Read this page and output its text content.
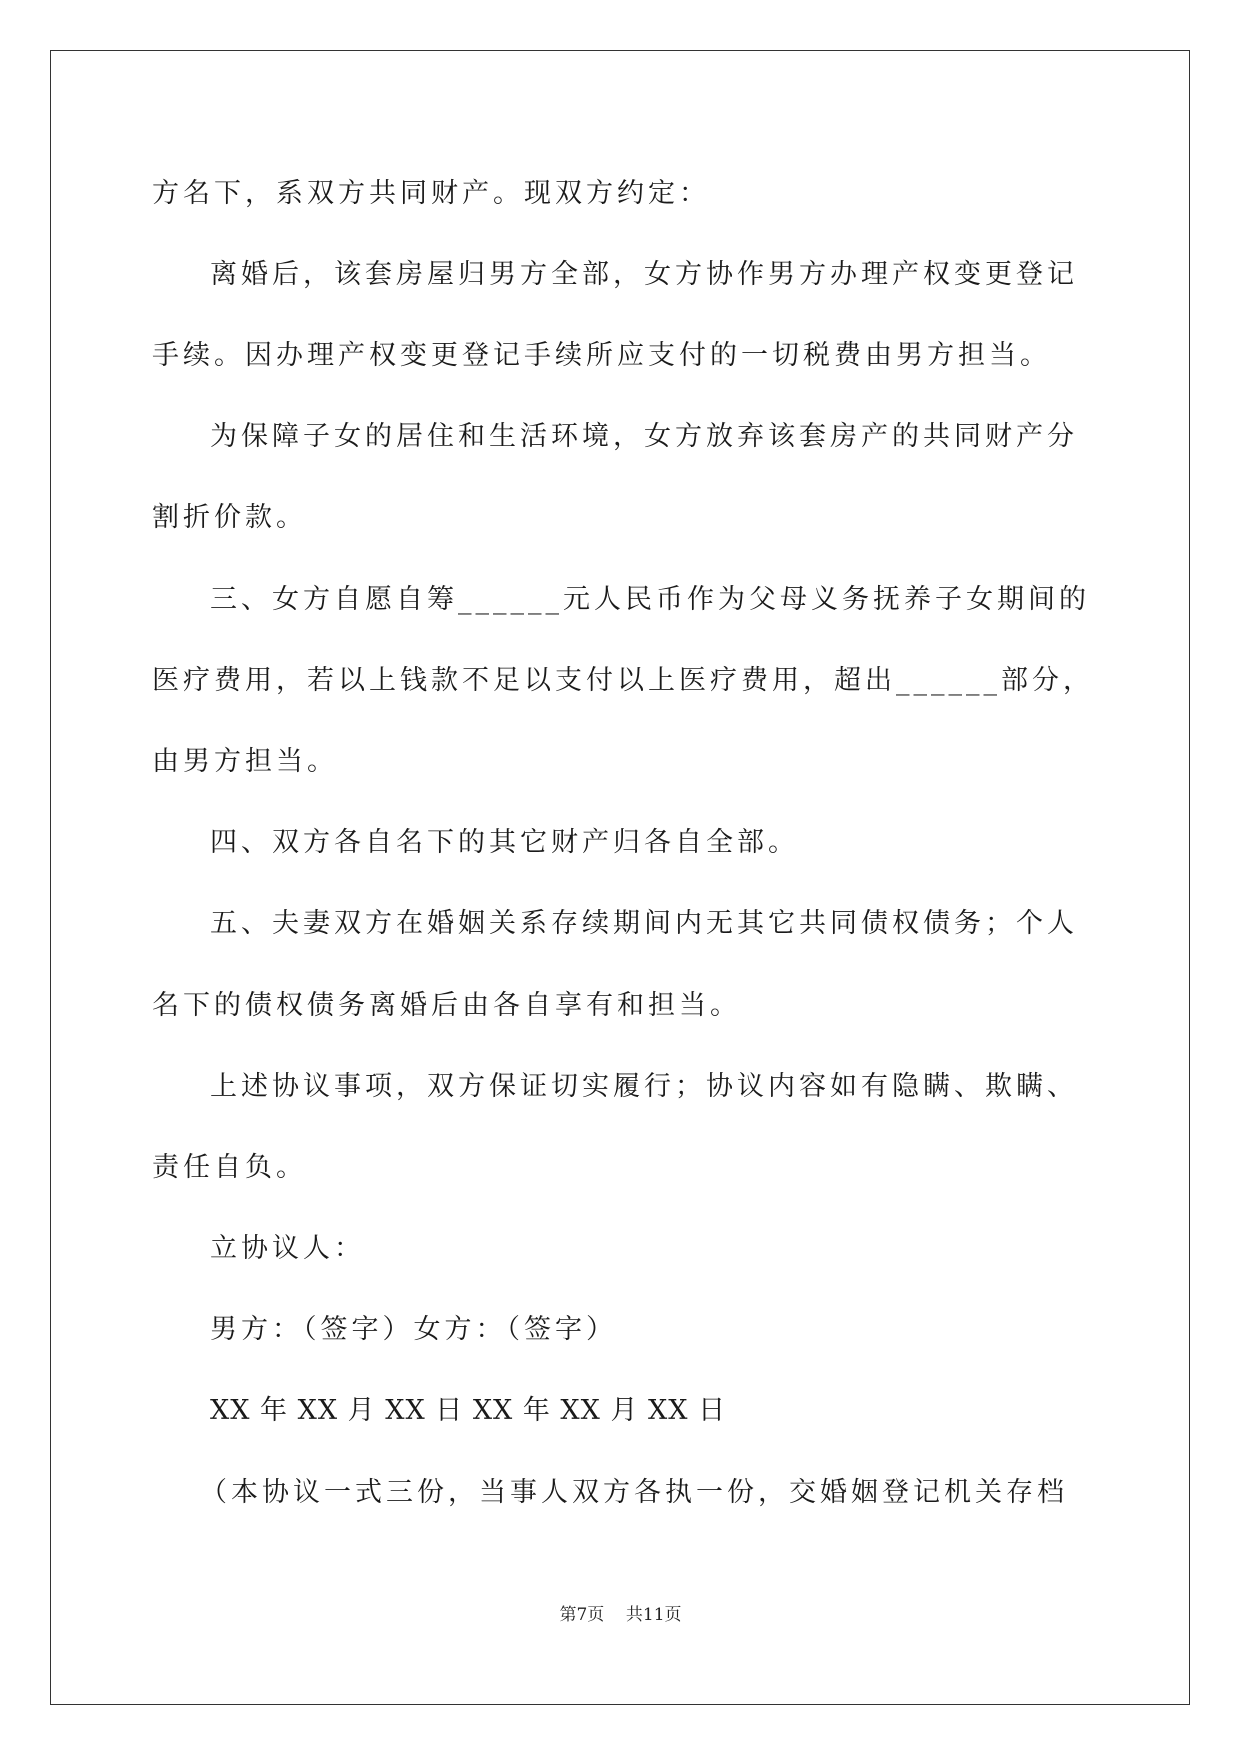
方名下，系双方共同财产。现双方约定：

离婚后，该套房屋归男方全部，女方协作男方办理产权变更登记

手续。因办理产权变更登记手续所应支付的一切税费由男方担当。

为保障子女的居住和生活环境，女方放弃该套房产的共同财产分

割折价款。

三、女方自愿自筹______元人民币作为父母义务抚养子女期间的

医疗费用，若以上钱款不足以支付以上医疗费用，超出______部分，

由男方担当。

四、双方各自名下的其它财产归各自全部。

五、夫妻双方在婚姻关系存续期间内无其它共同债权债务；个人

名下的债权债务离婚后由各自享有和担当。

上述协议事项，双方保证切实履行；协议内容如有隐瞒、欺瞒、

责任自负。

立协议人：

男方：（签字）女方：（签字）

XX 年 XX 月 XX 日 XX 年 XX 月 XX 日

（本协议一式三份，当事人双方各执一份，交婚姻登记机关存档

第7页    共11页
